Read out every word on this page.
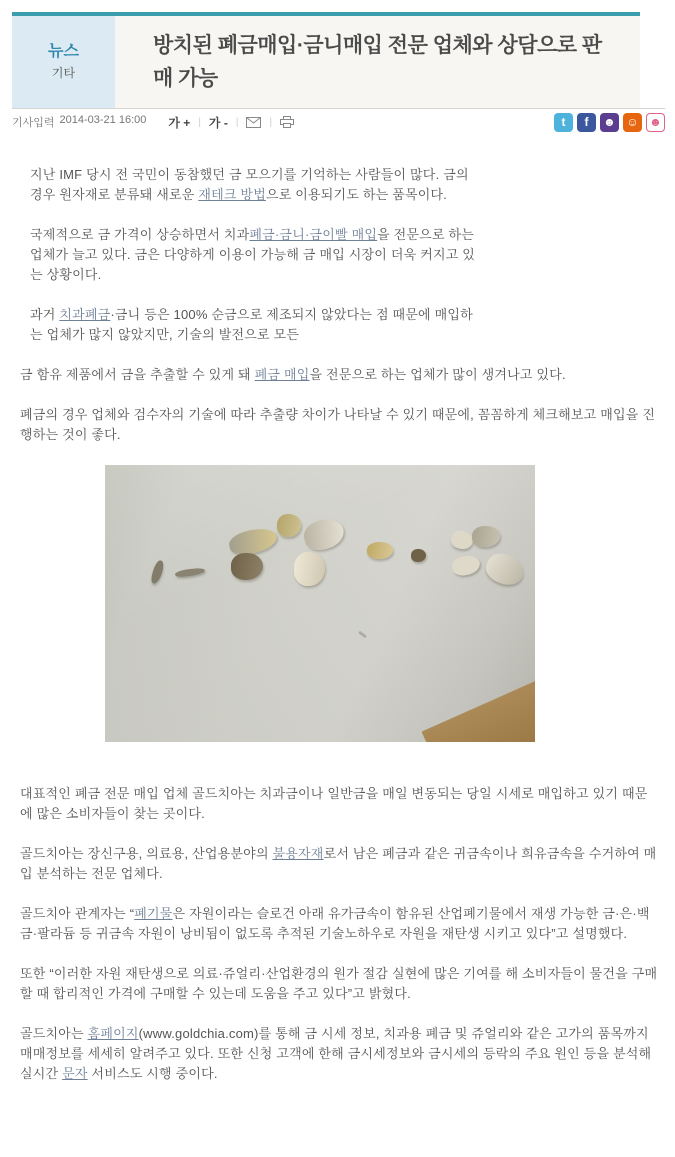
뉴스
기타
방치된 폐금매입·금니매입 전문 업체와 상담으로 판매 가능
기사입력 2014-03-21 16:00 가 + | 가 - |	|	t	f	☻ ☺ ☻

지난 IMF 당시 전 국민이 동참했던 금 모으기를 기억하는 사람들이 많다. 금의 경우 원자재로 분류돼 새로운 재테크 방법으로 이용되기도 하는 품목이다.

국제적으로 금 가격이 상승하면서 치과폐금·금니·금이빨 매입을 전문으로 하는 업체가 늘고 있다. 금은 다양하게 이용이 가능해 금 매입 시장이 더욱 커지고 있는 상황이다.

과거 치과폐금·금니 등은 100% 순금으로 제조되지 않았다는 점 때문에 매입하는 업체가 많지 않았지만, 기술의 발전으로 모든

금 함유 제품에서 금을 추출할 수 있게 돼 폐금 매입을 전문으로 하는 업체가 많이 생겨나고 있다.

폐금의 경우 업체와 검수자의 기술에 따라 추출량 차이가 나타날 수 있기 때문에, 꼼꼼하게 체크해보고 매입을 진행하는 것이 좋다.

대표적인 폐금 전문 매입 업체 골드치아는 치과금이나 일반금을 매일 변동되는 당일 시세로 매입하고 있기 때문에 많은 소비자들이 찾는 곳이다.

골드치아는 장신구용, 의료용, 산업용분야의 불용자재로서 남은 폐금과 같은 귀금속이나 희유금속을 수거하여 매입 분석하는 전문 업체다.

골드치아 관계자는 “폐기물은 자원이라는 슬로건 아래 유가금속이 함유된 산업폐기물에서 재생 가능한 금·은·백금·팔라듐 등 귀금속 자원이 낭비됨이 없도록 추적된 기술노하우로 자원을 재탄생 시키고 있다”고 설명했다.

또한 “이러한 자원 재탄생으로 의료·쥬얼리·산업환경의 원가 절감 실현에 많은 기여를 해 소비자들이 물건을 구매할 때 합리적인 가격에 구매할 수 있는데 도움을 주고 있다”고 밝혔다.

골드치아는 홈페이지(www.goldchia.com)를 통해 금 시세 정보, 치과용 폐금 및 쥬얼리와 같은 고가의 품목까지 매매정보를 세세히 알려주고 있다. 또한 신청 고객에 한해 금시세정보와 금시세의 등락의 주요 원인 등을 분석해 실시간 문자 서비스도 시행 중이다.
